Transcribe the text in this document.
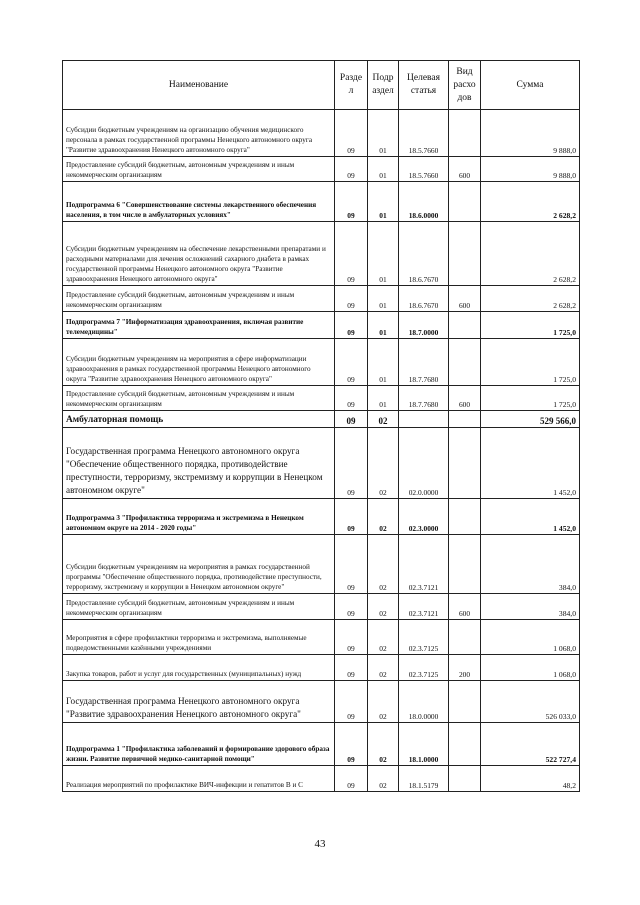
Наименование	Разде л	Подр аздел	Целевая статья	Вид расхо дов	Сумма
Субсидии бюджетным учреждениям на организацию обучения медицинского персонала в рамках государственной программы Ненецкого автономного округа "Развитие здравоохранения Ненецкого автономного округа"	09	01	18.5.7660		9 888,0
Предоставление субсидий бюджетным, автономным учреждениям и иным некоммерческим организациям	09	01	18.5.7660	600	9 888,0
Подпрограмма 6 "Совершенствование системы лекарственного обеспечения населения, в том числе в амбулаторных условиях"	09	01	18.6.0000		2 628,2
Субсидии бюджетным учреждениям на обеспечение лекарственными препаратами и расходными материалами для лечения осложнений сахарного диабета в рамках государственной программы Ненецкого автономного округа "Развитие здравоохранения Ненецкого автономного округа"	09	01	18.6.7670		2 628,2
Предоставление субсидий бюджетным, автономным учреждениям и иным некоммерческим организациям	09	01	18.6.7670	600	2 628,2
Подпрограмма 7 "Информатизация здравоохранения, включая развитие телемедицины"	09	01	18.7.0000		1 725,0
Субсидии бюджетным учреждениям на мероприятия в сфере информатизации здравоохранения в рамках государственной программы Ненецкого автономного округа "Развитие здравоохранения Ненецкого автономного округа"	09	01	18.7.7680		1 725,0
Предоставление субсидий бюджетным, автономным учреждениям и иным некоммерческим организациям	09	01	18.7.7680	600	1 725,0
Амбулаторная помощь	09	02			529 566,0
Государственная программа Ненецкого автономного округа "Обеспечение общественного порядка, противодействие преступности, терроризму, экстремизму и коррупции в Ненецком автономном округе"	09	02	02.0.0000		1 452,0
Подпрограмма 3 "Профилактика терроризма и экстремизма в Ненецком автономном округе на 2014 - 2020 годы"	09	02	02.3.0000		1 452,0
Субсидии бюджетным учреждениям на мероприятия в рамках государственной программы "Обеспечение общественного порядка, противодействие преступности, терроризму, экстремизму и коррупции в Ненецком автономном округе"	09	02	02.3.7121		384,0
Предоставление субсидий бюджетным, автономным учреждениям и иным некоммерческим организациям	09	02	02.3.7121	600	384,0
Мероприятия в сфере профилактики терроризма и экстремизма, выполняемые подведомственными казёнными учреждениями	09	02	02.3.7125		1 068,0
Закупка товаров, работ и услуг для государственных (муниципальных) нужд	09	02	02.3.7125	200	1 068,0
Государственная программа Ненецкого автономного округа "Развитие здравоохранения Ненецкого автономного округа"	09	02	18.0.0000		526 033,0
Подпрограмма 1 "Профилактика заболеваний и формирование здорового образа жизни. Развитие первичной медико-санитарной помощи"	09	02	18.1.0000		522 727,4
Реализация мероприятий по профилактике ВИЧ-инфекции и гепатитов В и С	09	02	18.1.5179		48,2
43
